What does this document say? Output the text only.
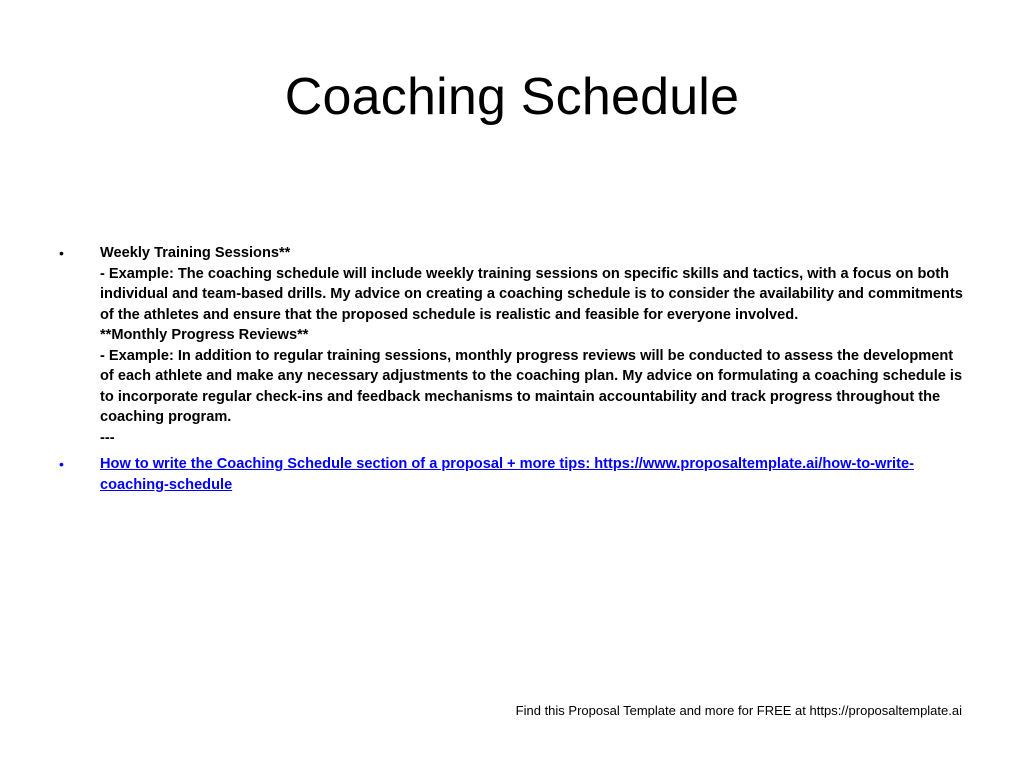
Coaching Schedule
• Weekly Training Sessions**
- Example: The coaching schedule will include weekly training sessions on specific skills and tactics, with a focus on both individual and team-based drills. My advice on creating a coaching schedule is to consider the availability and commitments of the athletes and ensure that the proposed schedule is realistic and feasible for everyone involved.
**Monthly Progress Reviews**
- Example: In addition to regular training sessions, monthly progress reviews will be conducted to assess the development of each athlete and make any necessary adjustments to the coaching plan. My advice on formulating a coaching schedule is to incorporate regular check-ins and feedback mechanisms to maintain accountability and track progress throughout the coaching program.
---
• How to write the Coaching Schedule section of a proposal + more tips: https://www.proposaltemplate.ai/how-to-write-coaching-schedule
Find this Proposal Template and more for FREE at https://proposaltemplate.ai
